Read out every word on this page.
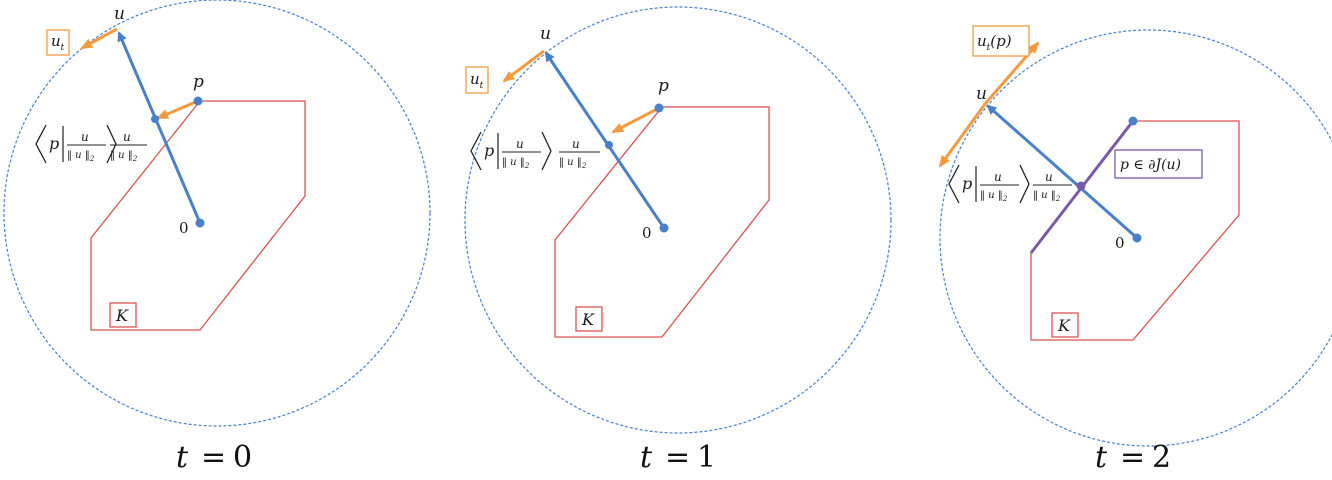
u
p
0
$u_t$
K
p u
‖ u $‖_2$
u
‖ u $‖_2$
t = 0
u
p
0
$u_t$
K
p u
‖ u $‖_2$
u
‖ u $‖_2$
t = 1
u
0
$u_t(p)$
p ∈ ∂J(u)
K
p u
‖ u $‖_2$
u
‖ u $‖_2$
t = 2
